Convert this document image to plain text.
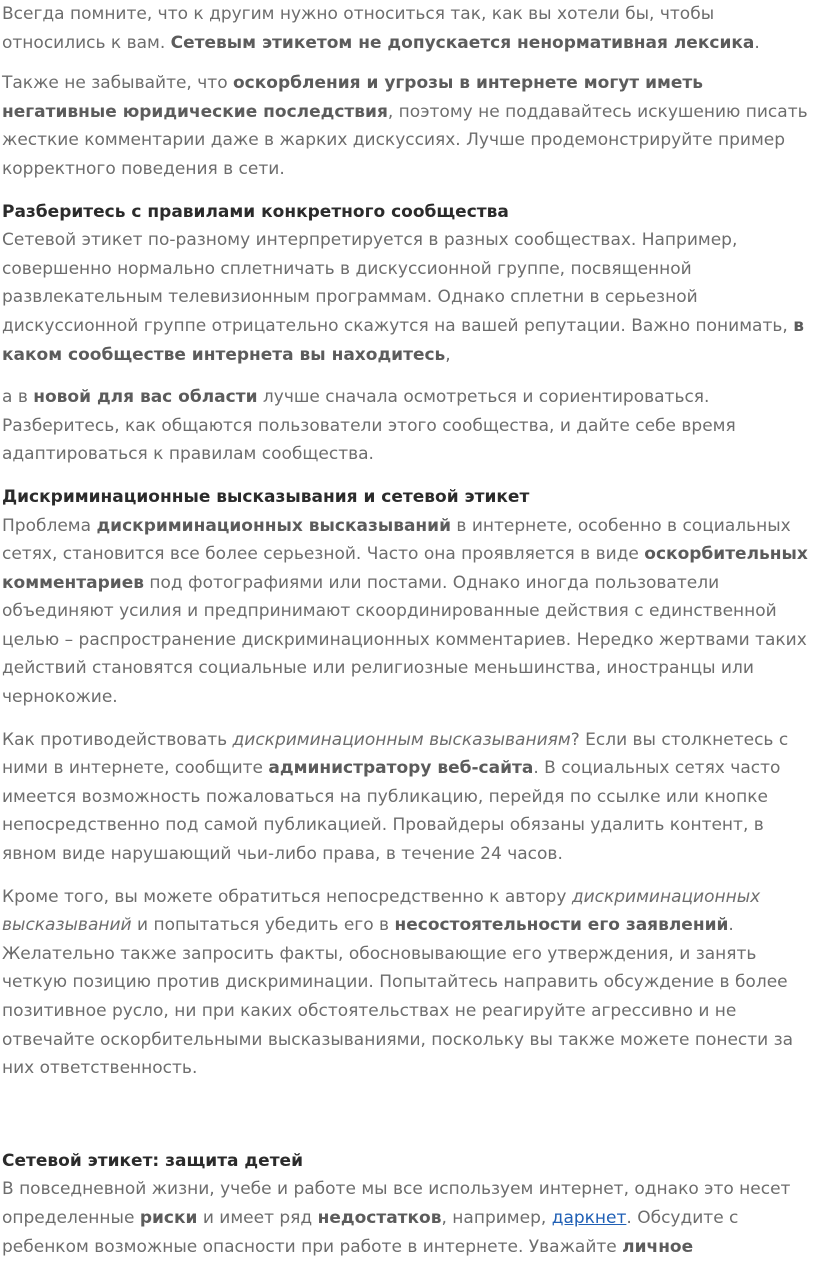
Всегда помните, что к другим нужно относиться так, как вы хотели бы, чтобы относились к вам. Сетевым этикетом не допускается ненормативная лексика.

Также не забывайте, что оскорбления и угрозы в интернете могут иметь негативные юридические последствия, поэтому не поддавайтесь искушению писать жесткие комментарии даже в жарких дискуссиях. Лучше продемонстрируйте пример корректного поведения в сети.

Разберитесь с правилами конкретного сообщества

Сетевой этикет по-разному интерпретируется в разных сообществах. Например, совершенно нормально сплетничать в дискуссионной группе, посвященной развлекательным телевизионным программам. Однако сплетни в серьезной дискуссионной группе отрицательно скажутся на вашей репутации. Важно понимать, в каком сообществе интернета вы находитесь,

а в новой для вас области лучше сначала осмотреться и сориентироваться. Разберитесь, как общаются пользователи этого сообщества, и дайте себе время адаптироваться к правилам сообщества.

Дискриминационные высказывания и сетевой этикет

Проблема дискриминационных высказываний в интернете, особенно в социальных сетях, становится все более серьезной. Часто она проявляется в виде оскорбительных комментариев под фотографиями или постами. Однако иногда пользователи объединяют усилия и предпринимают скоординированные действия с единственной целью – распространение дискриминационных комментариев. Нередко жертвами таких действий становятся социальные или религиозные меньшинства, иностранцы или чернокожие.

Как противодействовать дискриминационным высказываниям? Если вы столкнетесь с ними в интернете, сообщите администратору веб-сайта. В социальных сетях часто имеется возможность пожаловаться на публикацию, перейдя по ссылке или кнопке непосредственно под самой публикацией. Провайдеры обязаны удалить контент, в явном виде нарушающий чьи-либо права, в течение 24 часов.

Кроме того, вы можете обратиться непосредственно к автору дискриминационных высказываний и попытаться убедить его в несостоятельности его заявлений. Желательно также запросить факты, обосновывающие его утверждения, и занять четкую позицию против дискриминации. Попытайтесь направить обсуждение в более позитивное русло, ни при каких обстоятельствах не реагируйте агрессивно и не отвечайте оскорбительными высказываниями, поскольку вы также можете понести за них ответственность.

Сетевой этикет: защита детей

В повседневной жизни, учебе и работе мы все используем интернет, однако это несет определенные риски и имеет ряд недостатков, например, даркнет. Обсудите с ребенком возможные опасности при работе в интернете. Уважайте личное
